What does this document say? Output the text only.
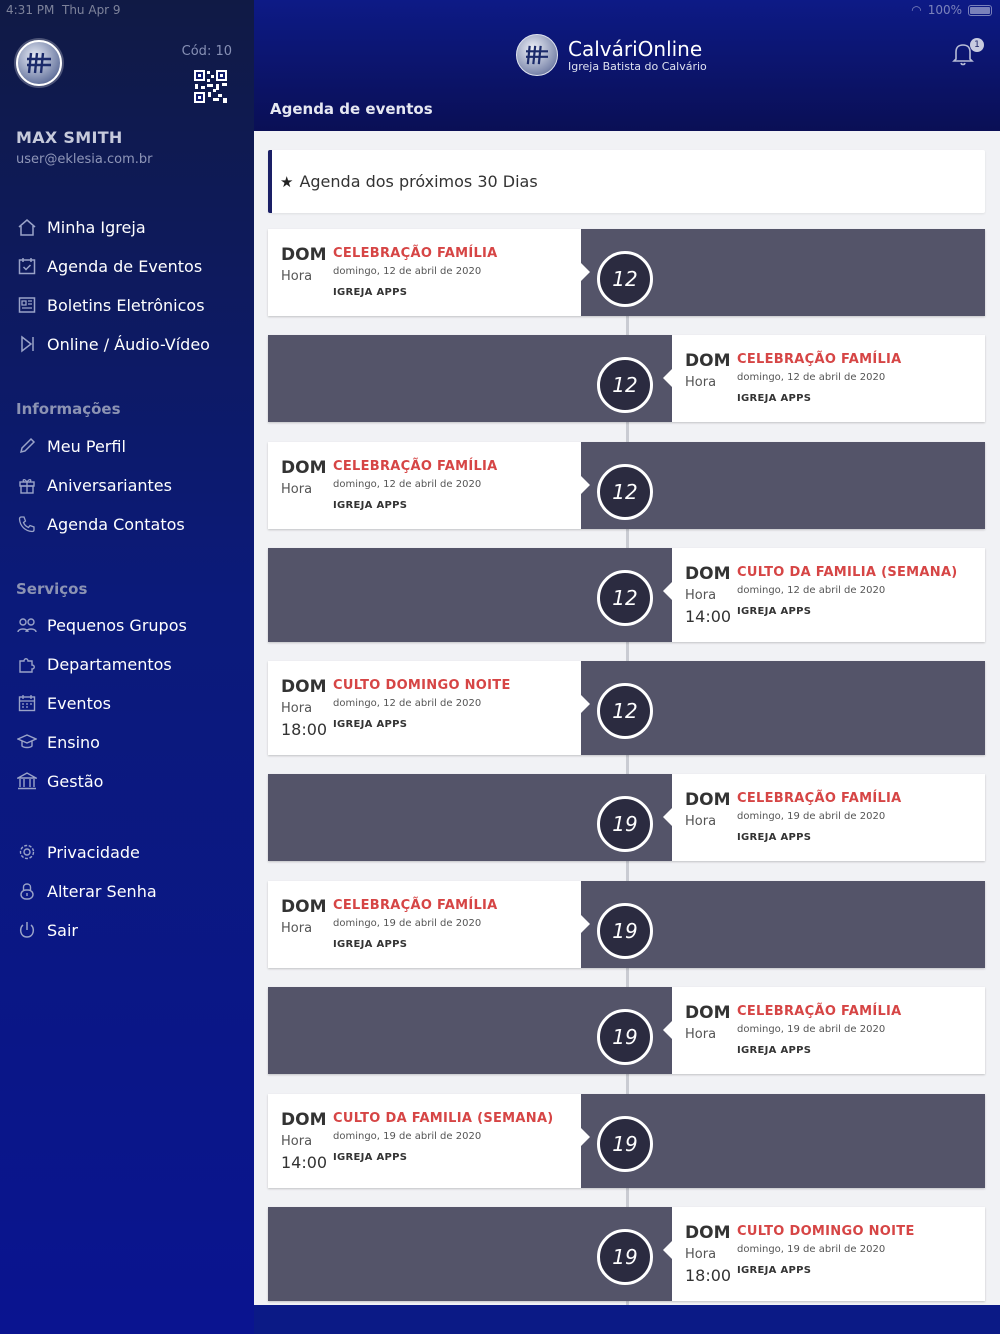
4:31 PM Thu Apr 9	◠ 100%
Cód: 10
MAX SMITH
user@eklesia.com.br
Minha Igreja
Agenda de Eventos
Boletins Eletrônicos
Online / Áudio-Vídeo
Informações
Meu Perfil
Aniversariantes
Agenda Contatos
Serviços
Pequenos Grupos
Departamentos
Eventos
Ensino
Gestão
Privacidade
Alterar Senha
Sair
CalváriOnline
Igreja Batista do Calvário
1
Agenda de eventos
★ Agenda dos próximos 30 Dias
DOM
Hora
CELEBRAÇÃO FAMÍLIA
domingo, 12 de abril de 2020
IGREJA APPS
12
DOM
Hora
CELEBRAÇÃO FAMÍLIA
domingo, 12 de abril de 2020
IGREJA APPS
12
DOM
Hora
CELEBRAÇÃO FAMÍLIA
domingo, 12 de abril de 2020
IGREJA APPS
12
DOM
Hora
14:00
CULTO DA FAMILIA (SEMANA)
domingo, 12 de abril de 2020
IGREJA APPS
12
DOM
Hora
18:00
CULTO DOMINGO NOITE
domingo, 12 de abril de 2020
IGREJA APPS
12
DOM
Hora
CELEBRAÇÃO FAMÍLIA
domingo, 19 de abril de 2020
IGREJA APPS
19
DOM
Hora
CELEBRAÇÃO FAMÍLIA
domingo, 19 de abril de 2020
IGREJA APPS
19
DOM
Hora
CELEBRAÇÃO FAMÍLIA
domingo, 19 de abril de 2020
IGREJA APPS
19
DOM
Hora
14:00
CULTO DA FAMILIA (SEMANA)
domingo, 19 de abril de 2020
IGREJA APPS
19
DOM
Hora
18:00
CULTO DOMINGO NOITE
domingo, 19 de abril de 2020
IGREJA APPS
19
